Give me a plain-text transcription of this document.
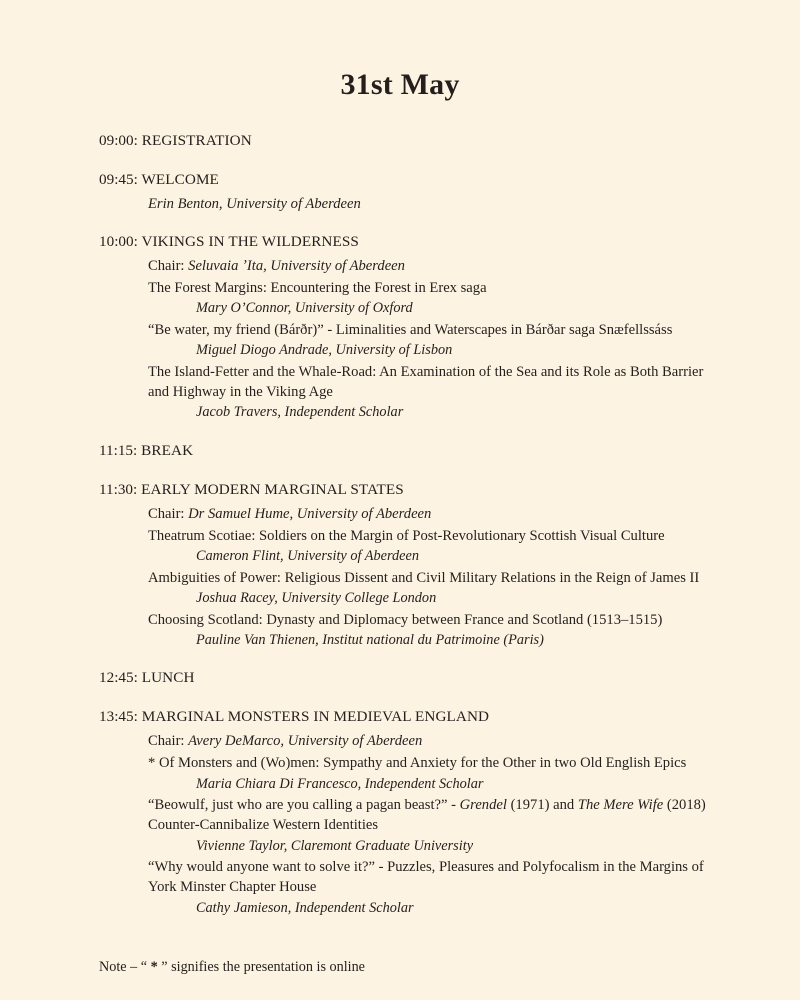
31st May
09:00: REGISTRATION
09:45: WELCOME
Erin Benton, University of Aberdeen
10:00: VIKINGS IN THE WILDERNESS
Chair: Seluvaia ʼIta, University of Aberdeen
The Forest Margins: Encountering the Forest in Erex saga
Mary O’Connor, University of Oxford
“Be water, my friend (Bárðr)” - Liminalities and Waterscapes in Bárðar saga Snæfellssáss
Miguel Diogo Andrade, University of Lisbon
The Island-Fetter and the Whale-Road: An Examination of the Sea and its Role as Both Barrier and Highway in the Viking Age
Jacob Travers, Independent Scholar
11:15: BREAK
11:30: EARLY MODERN MARGINAL STATES
Chair: Dr Samuel Hume, University of Aberdeen
Theatrum Scotiae: Soldiers on the Margin of Post-Revolutionary Scottish Visual Culture
Cameron Flint, University of Aberdeen
Ambiguities of Power: Religious Dissent and Civil Military Relations in the Reign of James II
Joshua Racey, University College London
Choosing Scotland: Dynasty and Diplomacy between France and Scotland (1513–1515)
Pauline Van Thienen, Institut national du Patrimoine (Paris)
12:45: LUNCH
13:45: MARGINAL MONSTERS IN MEDIEVAL ENGLAND
Chair: Avery DeMarco, University of Aberdeen
* Of Monsters and (Wo)men: Sympathy and Anxiety for the Other in two Old English Epics
Maria Chiara Di Francesco, Independent Scholar
“Beowulf, just who are you calling a pagan beast?” - Grendel (1971) and The Mere Wife (2018) Counter-Cannibalize Western Identities
Vivienne Taylor, Claremont Graduate University
“Why would anyone want to solve it?” - Puzzles, Pleasures and Polyfocalism in the Margins of York Minster Chapter House
Cathy Jamieson, Independent Scholar
Note – “ * ” signifies the presentation is online
